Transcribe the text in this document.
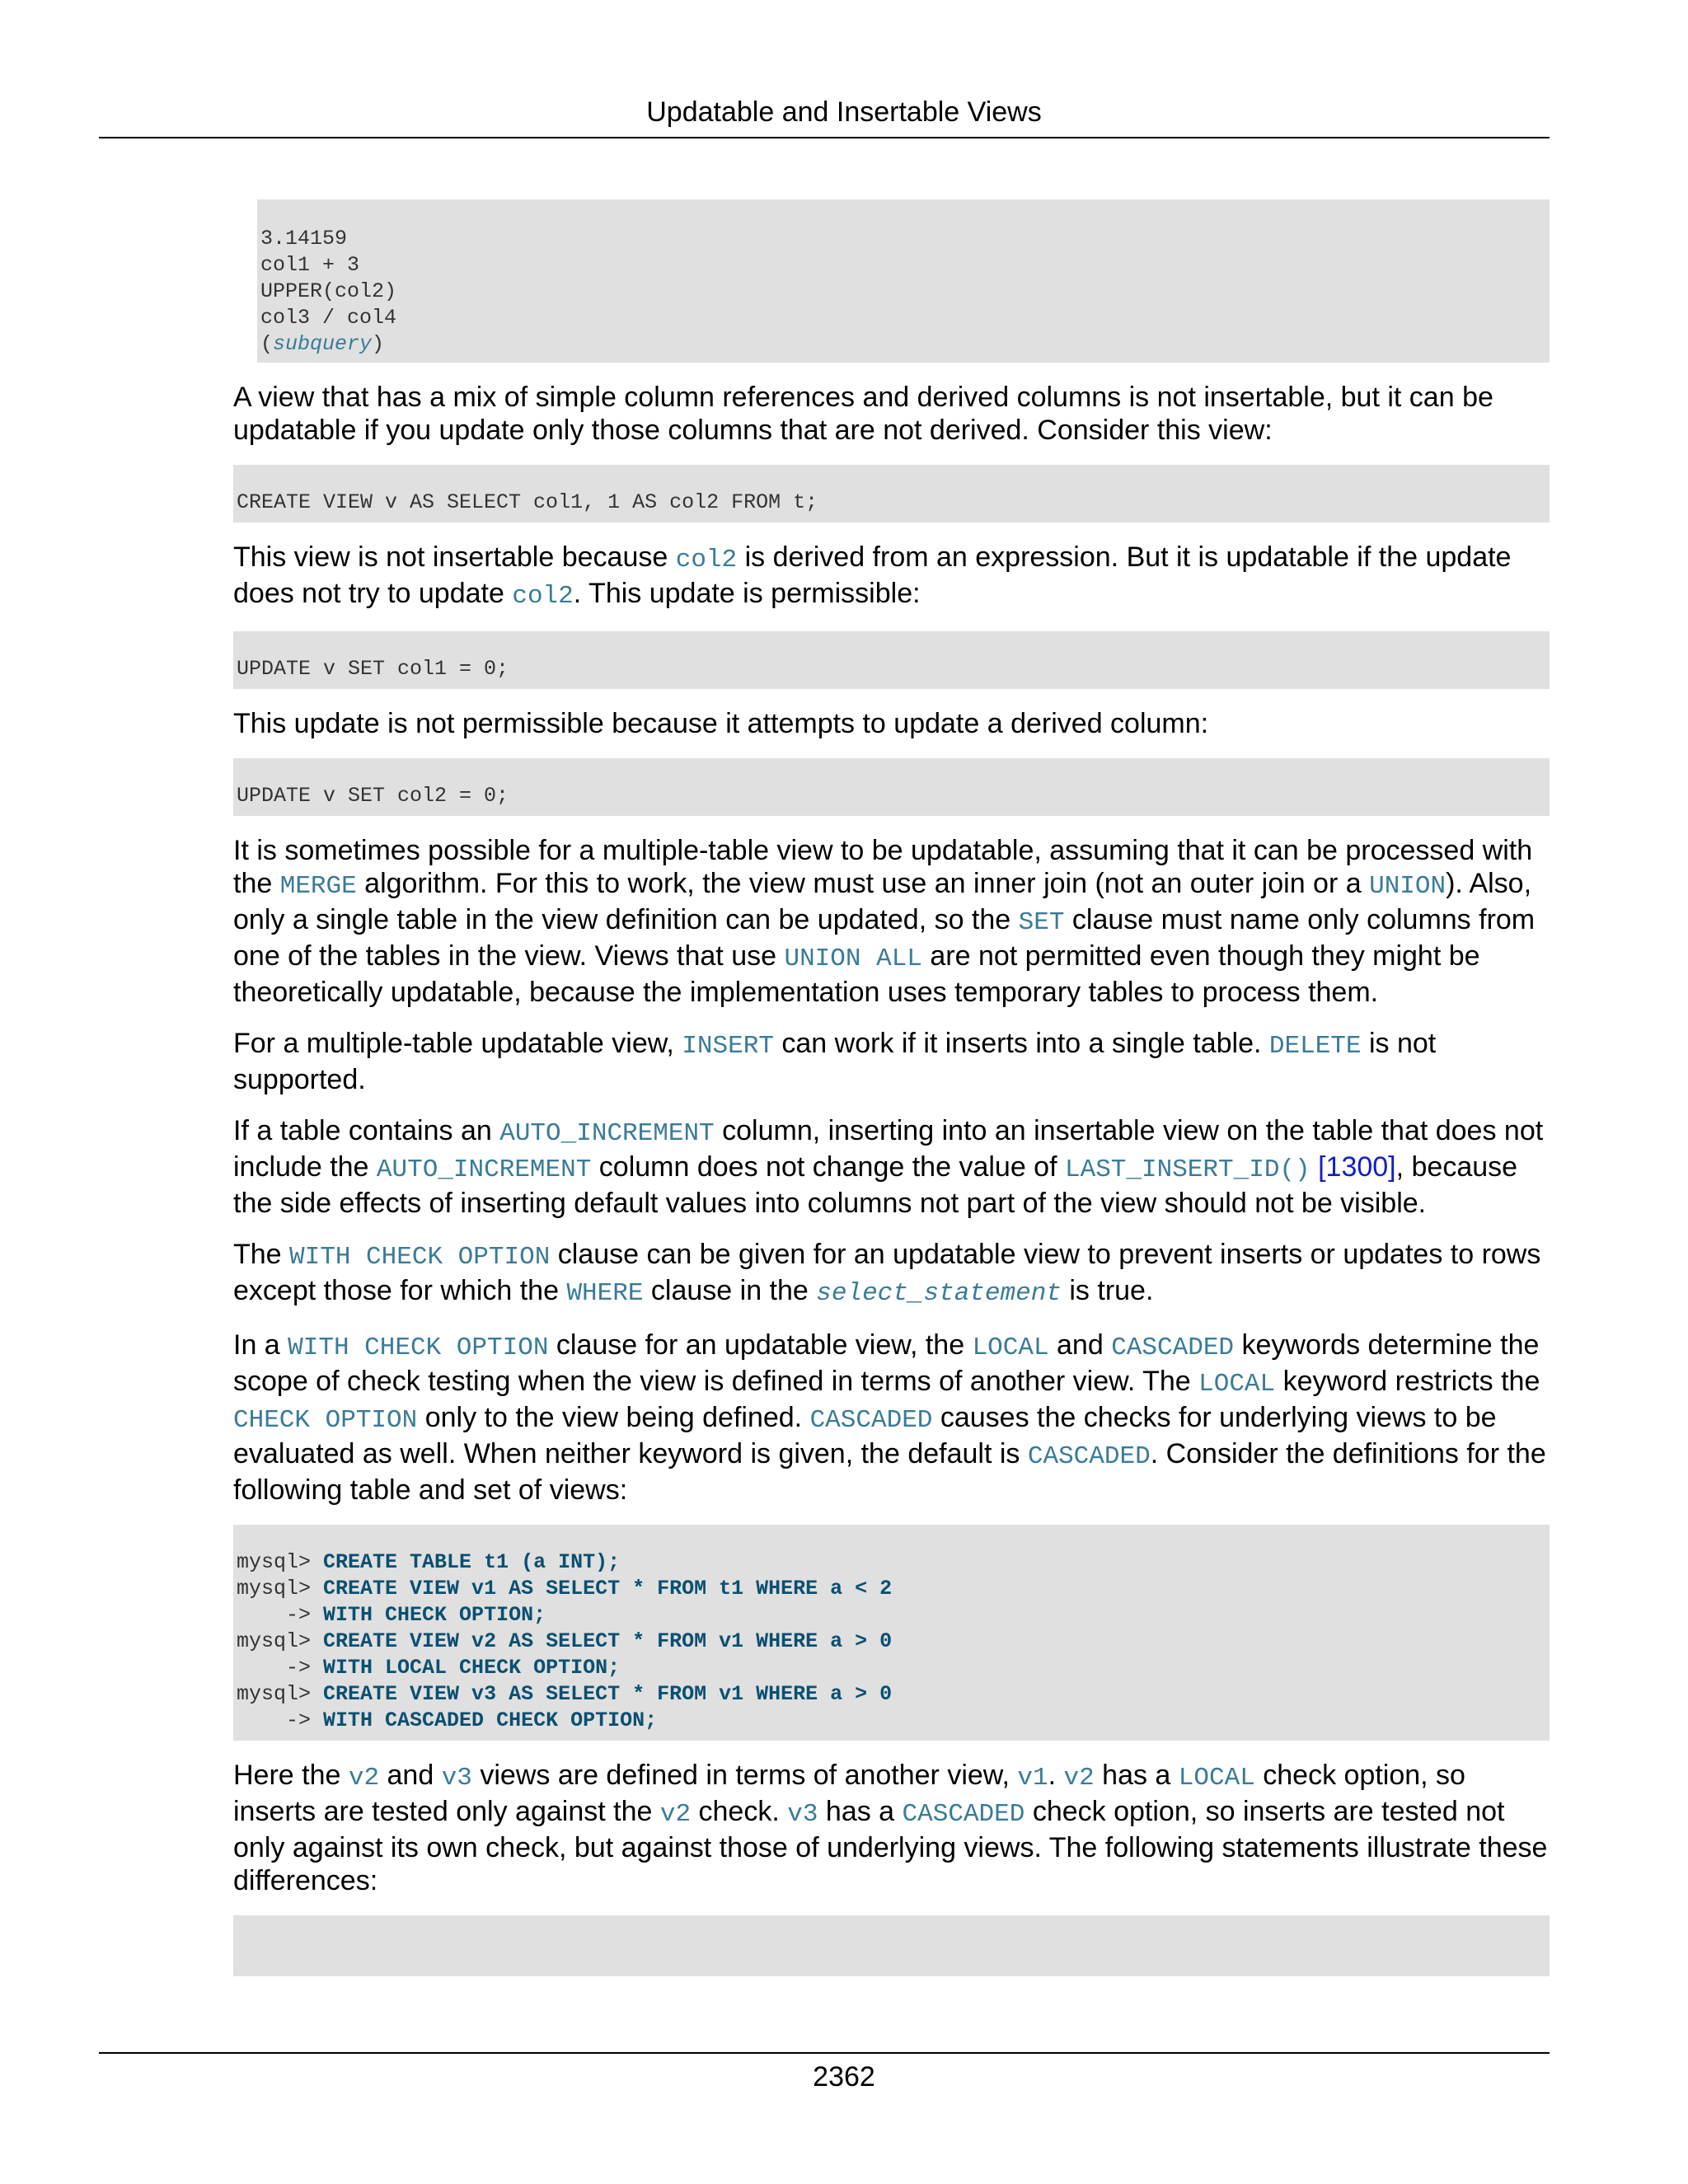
Updatable and Insertable Views
3.14159
col1 + 3
UPPER(col2)
col3 / col4
(subquery)

A view that has a mix of simple column references and derived columns is not insertable, but it can be updatable if you update only those columns that are not derived. Consider this view:

CREATE VIEW v AS SELECT col1, 1 AS col2 FROM t;

This view is not insertable because col2 is derived from an expression. But it is updatable if the update does not try to update col2. This update is permissible:

UPDATE v SET col1 = 0;

This update is not permissible because it attempts to update a derived column:

UPDATE v SET col2 = 0;

It is sometimes possible for a multiple-table view to be updatable, assuming that it can be processed with the MERGE algorithm. For this to work, the view must use an inner join (not an outer join or a UNION). Also, only a single table in the view definition can be updated, so the SET clause must name only columns from one of the tables in the view. Views that use UNION ALL are not permitted even though they might be theoretically updatable, because the implementation uses temporary tables to process them.

For a multiple-table updatable view, INSERT can work if it inserts into a single table. DELETE is not supported.

If a table contains an AUTO_INCREMENT column, inserting into an insertable view on the table that does not include the AUTO_INCREMENT column does not change the value of LAST_INSERT_ID() [1300], because the side effects of inserting default values into columns not part of the view should not be visible.

The WITH CHECK OPTION clause can be given for an updatable view to prevent inserts or updates to rows except those for which the WHERE clause in the select_statement is true.

In a WITH CHECK OPTION clause for an updatable view, the LOCAL and CASCADED keywords determine the scope of check testing when the view is defined in terms of another view. The LOCAL keyword restricts the CHECK OPTION only to the view being defined. CASCADED causes the checks for underlying views to be evaluated as well. When neither keyword is given, the default is CASCADED. Consider the definitions for the following table and set of views:

mysql> CREATE TABLE t1 (a INT);
mysql> CREATE VIEW v1 AS SELECT * FROM t1 WHERE a < 2
-> WITH CHECK OPTION;
mysql> CREATE VIEW v2 AS SELECT * FROM v1 WHERE a > 0
-> WITH LOCAL CHECK OPTION;
mysql> CREATE VIEW v3 AS SELECT * FROM v1 WHERE a > 0
-> WITH CASCADED CHECK OPTION;

Here the v2 and v3 views are defined in terms of another view, v1. v2 has a LOCAL check option, so inserts are tested only against the v2 check. v3 has a CASCADED check option, so inserts are tested not only against its own check, but against those of underlying views. The following statements illustrate these differences:

2362
